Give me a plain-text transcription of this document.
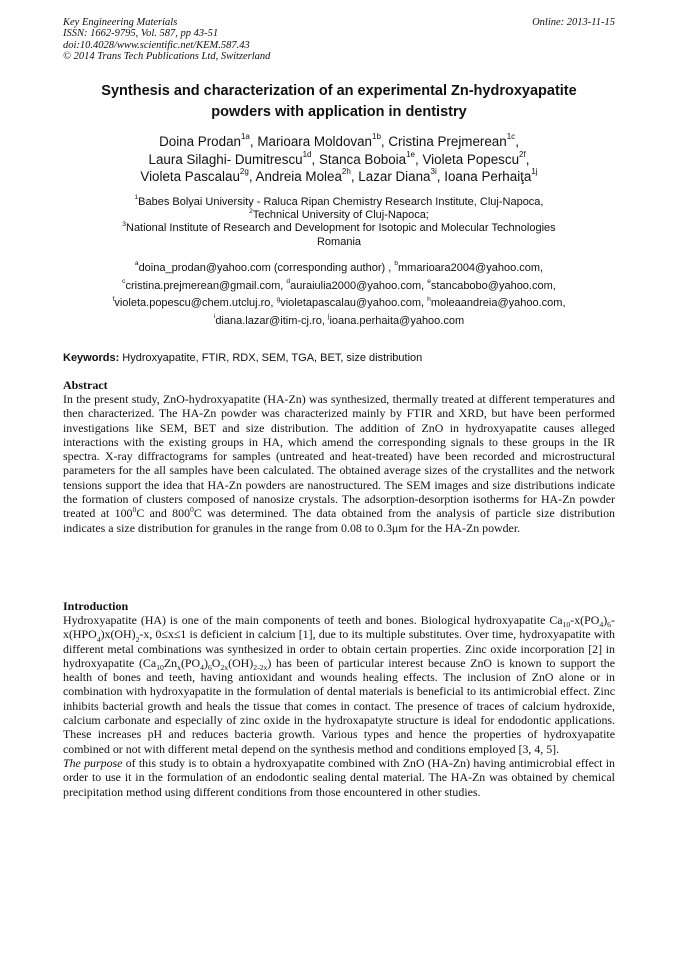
Key Engineering Materials
ISSN: 1662-9795, Vol. 587, pp 43-51
doi:10.4028/www.scientific.net/KEM.587.43
© 2014 Trans Tech Publications Ltd, Switzerland
Online: 2013-11-15
Synthesis and characterization of an experimental Zn-hydroxyapatite
powders with application in dentistry
Doina Prodan$^{1a}$, Marioara Moldovan$^{1b}$, Cristina Prejmerean$^{1c}$,
Laura Silaghi- Dumitrescu$^{1d}$, Stanca Boboia$^{1e}$, Violeta Popescu$^{2f}$,
Violeta Pascalau$^{2g}$, Andreia Molea$^{2h}$, Lazar Diana$^{3i}$, Ioana Perhaiţa$^{1j}$
$^1$Babes Bolyai University - Raluca Ripan Chemistry Research Institute, Cluj-Napoca,
$^2$Technical University of Cluj-Napoca;
$^3$National Institute of Research and Development for Isotopic and Molecular Technologies
Romania
$^a$doina_prodan@yahoo.com (corresponding author) , $^b$mmarioara2004@yahoo.com,
$^c$cristina.prejmerean@gmail.com, $^d$auraiulia2000@yahoo.com, $^e$stancabobo@yahoo.com,
$^f$violeta.popescu@chem.utcluj.ro, $^g$violetapascalau@yahoo.com, $^h$moleaandreia@yahoo.com,
$^i$diana.lazar@itim-cj.ro, $^j$ioana.perhaita@yahoo.com
Keywords: Hydroxyapatite, FTIR, RDX, SEM, TGA, BET, size distribution
Abstract
In the present study, ZnO-hydroxyapatite (HA-Zn) was synthesized, thermally treated at different temperatures and then characterized. The HA-Zn powder was characterized mainly by FTIR and XRD, but have been performed investigations like SEM, BET and size distribution. The addition of ZnO in hydroxyapatite causes alleged interactions with the existing groups in HA, which amend the corresponding signals to these groups in the IR spectra. X-ray diffractograms for samples (untreated and heat-treated) have been recorded and microstructural parameters for the all samples have been calculated. The obtained average sizes of the crystallites and the network tensions support the idea that HA-Zn powders are nanostructured. The SEM images and size distributions indicate the formation of clusters composed of nanosize crystals. The adsorption-desorption isotherms for HA-Zn powder treated at $100^0C$ and $800^0C$ was determined. The data obtained from the analysis of particle size distribution indicates a size distribution for granules in the range from 0.08 to 0.3μm for the HA-Zn powder.
Introduction
Hydroxyapatite (HA) is one of the main components of teeth and bones. Biological hydroxyapatite $Ca_{10}-x(PO_4)_6-x(HPO_4)x(OH)_2-x$, 0≤x≤1 is deficient in calcium [1], due to its multiple substitutes. Over time, hydroxyapatite with different metal combinations was synthesized in order to obtain certain properties. Zinc oxide incorporation [2] in hydroxyapatite $(Ca_{10}Zn_x(PO_4)_6O_{2x}(OH)_{2-2x})$ has been of particular interest because ZnO is known to support the health of bones and teeth, having antioxidant and wounds healing effects. The inclusion of ZnO alone or in combination with hydroxyapatite in the formulation of dental materials is beneficial to its antimicrobial effect. Zinc inhibits bacterial growth and heals the tissue that comes in contact. The presence of traces of calcium hydroxide, calcium carbonate and especially of zinc oxide in the hydroxapatyte structure is ideal for endodontic applications. These increases pH and reduces bacteria growth. Various types and hence the properties of hydroxyapatite combined or not with different metal depend on the synthesis method and conditions employed [3, 4, 5].
The purpose of this study is to obtain a hydroxyapatite combined with ZnO (HA-Zn) having antimicrobial effect in order to use it in the formulation of an endodontic sealing dental material. The HA-Zn was obtained by chemical precipitation method using different conditions from those encountered in other studies.
